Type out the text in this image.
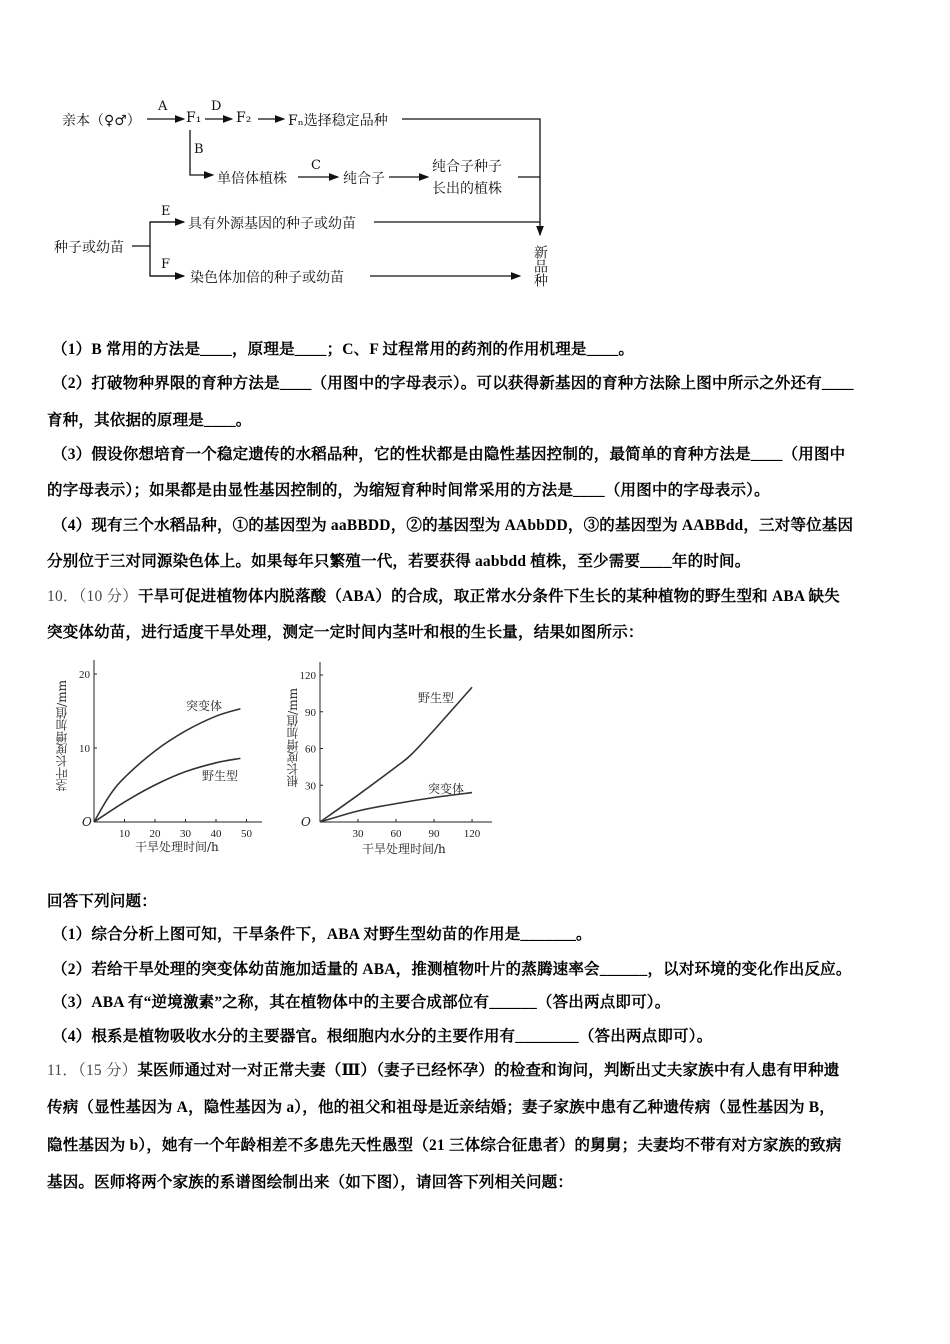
亲本（♀♂）
A
F₁
D
F₂	Fₙ选择稳定品种
B
单倍体植株
C
纯合子
纯合子种子
长出的植株
种子或幼苗
E
具有外源基因的种子或幼苗
F
染色体加倍的种子或幼苗	新品种
（1）B 常用的方法是____，原理是____；C、F 过程常用的药剂的作用机理是____。
（2）打破物种界限的育种方法是____（用图中的字母表示）。可以获得新基因的育种方法除上图中所示之外还有____
育种，其依据的原理是____。
（3）假设你想培育一个稳定遗传的水稻品种，它的性状都是由隐性基因控制的，最简单的育种方法是____（用图中
的字母表示）；如果都是由显性基因控制的，为缩短育种时间常采用的方法是____（用图中的字母表示）。
（4）现有三个水稻品种，①的基因型为 aaBBDD，②的基因型为 AAbbDD，③的基因型为 AABBdd，三对等位基因
分别位于三对同源染色体上。如果每年只繁殖一代，若要获得 aabbdd 植株，至少需要____年的时间。
10．（10 分）干旱可促进植物体内脱落酸（ABA）的合成，取正常水分条件下生长的某种植物的野生型和 ABA 缺失
突变体幼苗，进行适度干旱处理，测定一定时间内茎叶和根的生长量，结果如图所示：
10 20 30 40 50
10
20
30 60 90 120
30
60
90
120
O
干旱处理时间/h
茎叶长度增加值/mm	突变体
野生型
O
干旱处理时间/h
根长度增加值/mm	野生型
突变体
回答下列问题：
（1）综合分析上图可知，干旱条件下，ABA 对野生型幼苗的作用是_______。
（2）若给干旱处理的突变体幼苗施加适量的 ABA，推测植物叶片的蒸腾速率会______，以对环境的变化作出反应。
（3）ABA 有“逆境激素”之称，其在植物体中的主要合成部位有______（答出两点即可）。
（4）根系是植物吸收水分的主要器官。根细胞内水分的主要作用有________（答出两点即可）。
11．（15 分）某医师通过对一对正常夫妻（Ⅲ）（妻子已经怀孕）的检查和询问，判断出丈夫家族中有人患有甲种遗
传病（显性基因为 A，隐性基因为 a），他的祖父和祖母是近亲结婚；妻子家族中患有乙种遗传病（显性基因为 B，
隐性基因为 b），她有一个年龄相差不多患先天性愚型（21 三体综合征患者）的舅舅；夫妻均不带有对方家族的致病
基因。医师将两个家族的系谱图绘制出来（如下图），请回答下列相关问题：
